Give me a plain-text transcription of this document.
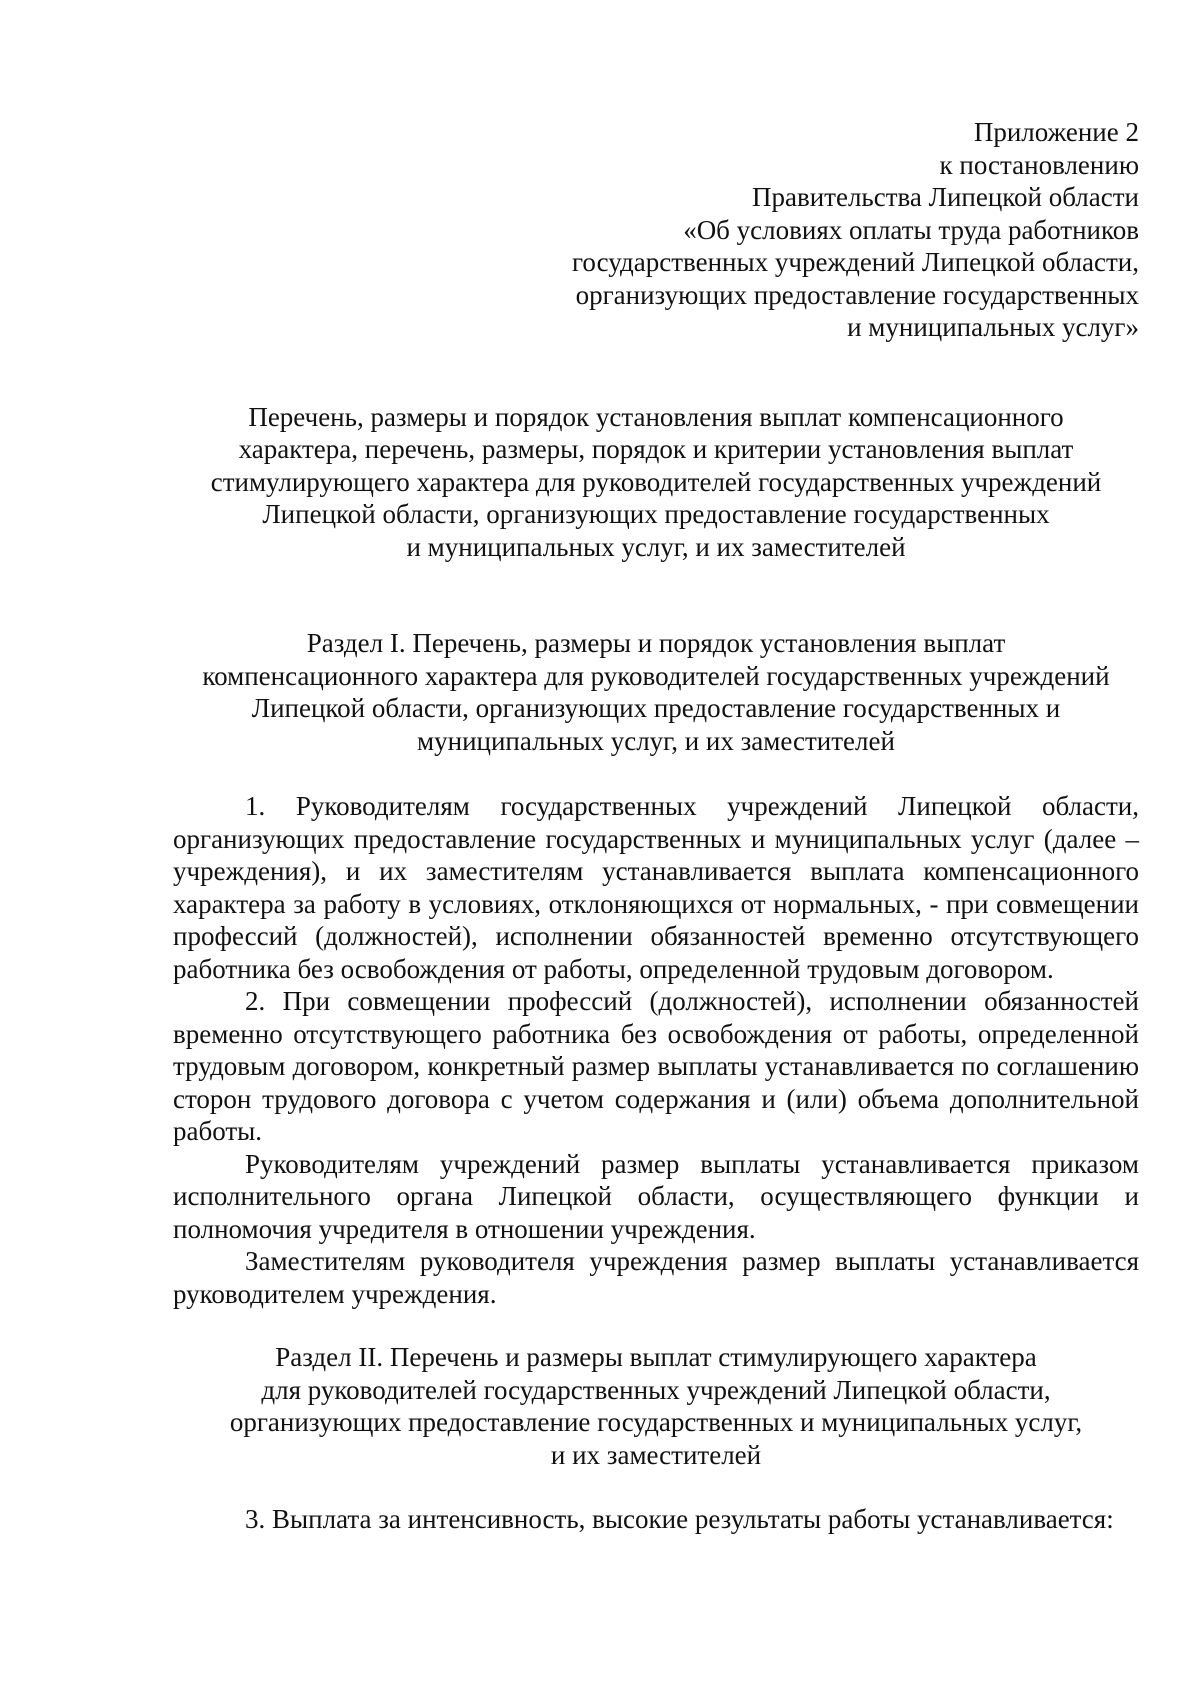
Приложение 2
к постановлению
Правительства Липецкой области
«Об условиях оплаты труда работников
государственных учреждений Липецкой области,
организующих предоставление государственных
и муниципальных услуг»
Перечень, размеры и порядок установления выплат компенсационного
характера, перечень, размеры, порядок и критерии установления выплат
стимулирующего характера для руководителей государственных учреждений
Липецкой области, организующих предоставление государственных
и муниципальных услуг, и их заместителей
Раздел I. Перечень, размеры и порядок установления выплат
компенсационного характера для руководителей государственных учреждений
Липецкой области, организующих предоставление государственных и
муниципальных услуг, и их заместителей

1. Руководителям государственных учреждений Липецкой области, организующих предоставление государственных и муниципальных услуг (далее – учреждения), и их заместителям устанавливается выплата компенсационного характера за работу в условиях, отклоняющихся от нормальных, - при совмещении профессий (должностей), исполнении обязанностей временно отсутствующего работника без освобождения от работы, определенной трудовым договором.

2. При совмещении профессий (должностей), исполнении обязанностей временно отсутствующего работника без освобождения от работы, определенной трудовым договором, конкретный размер выплаты устанавливается по соглашению сторон трудового договора с учетом содержания и (или) объема дополнительной работы.

Руководителям учреждений размер выплаты устанавливается приказом исполнительного органа Липецкой области, осуществляющего функции и полномочия учредителя в отношении учреждения.

Заместителям руководителя учреждения размер выплаты устанавливается руководителем учреждения.

Раздел II. Перечень и размеры выплат стимулирующего характера
для руководителей государственных учреждений Липецкой области,
организующих предоставление государственных и муниципальных услуг,
и их заместителей

3. Выплата за интенсивность, высокие результаты работы устанавливается:
